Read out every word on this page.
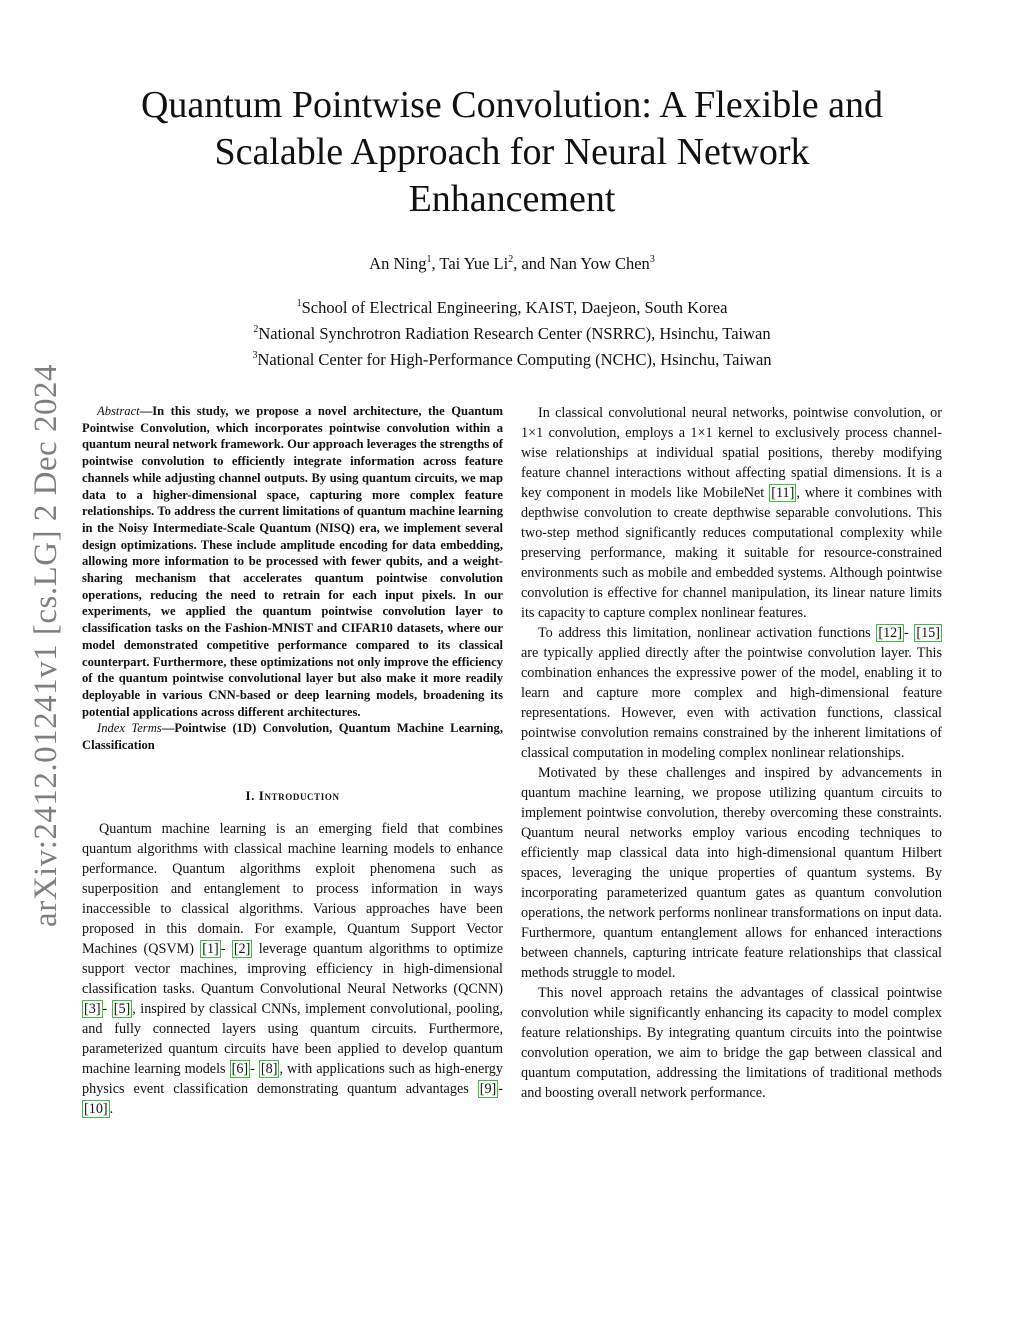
arXiv:2412.01241v1 [cs.LG] 2 Dec 2024
Quantum Pointwise Convolution: A Flexible and
Scalable Approach for Neural Network
Enhancement
An Ning$^1$, Tai Yue Li$^2$, and Nan Yow Chen$^3$
$^1$School of Electrical Engineering, KAIST, Daejeon, South Korea
$^2$National Synchrotron Radiation Research Center (NSRRC), Hsinchu, Taiwan
$^3$National Center for High-Performance Computing (NCHC), Hsinchu, Taiwan

Abstract—In this study, we propose a novel architecture, the Quantum Pointwise Convolution, which incorporates pointwise convolution within a quantum neural network framework. Our approach leverages the strengths of pointwise convolution to efficiently integrate information across feature channels while adjusting channel outputs. By using quantum circuits, we map data to a higher-dimensional space, capturing more complex feature relationships. To address the current limitations of quantum machine learning in the Noisy Intermediate-Scale Quantum (NISQ) era, we implement several design optimizations. These include amplitude encoding for data embedding, allowing more information to be processed with fewer qubits, and a weight-sharing mechanism that accelerates quantum pointwise convolution operations, reducing the need to retrain for each input pixels. In our experiments, we applied the quantum pointwise convolution layer to classification tasks on the Fashion-MNIST and CIFAR10 datasets, where our model demonstrated competitive performance compared to its classical counterpart. Furthermore, these optimizations not only improve the efficiency of the quantum pointwise convolutional layer but also make it more readily deployable in various CNN-based or deep learning models, broadening its potential applications across different architectures.

Index Terms—Pointwise (1D) Convolution, Quantum Machine Learning, Classification

I. Introduction

Quantum machine learning is an emerging field that combines quantum algorithms with classical machine learning models to enhance performance. Quantum algorithms exploit phenomena such as superposition and entanglement to process information in ways inaccessible to classical algorithms. Various approaches have been proposed in this domain. For example, Quantum Support Vector Machines (QSVM) [1] - [2] leverage quantum algorithms to optimize support vector machines, improving efficiency in high-dimensional classification tasks. Quantum Convolutional Neural Networks (QCNN) [3] - [5] , inspired by classical CNNs, implement convolutional, pooling, and fully connected layers using quantum circuits. Furthermore, parameterized quantum circuits have been applied to develop quantum machine learning models [6] - [8] , with applications such as high-energy physics event classification demonstrating quantum advantages [9] - [10] .

In classical convolutional neural networks, pointwise convolution, or 1×1 convolution, employs a 1×1 kernel to exclusively process channel-wise relationships at individual spatial positions, thereby modifying feature channel interactions without affecting spatial dimensions. It is a key component in models like MobileNet [11] , where it combines with depthwise convolution to create depthwise separable convolutions. This two-step method significantly reduces computational complexity while preserving performance, making it suitable for resource-constrained environments such as mobile and embedded systems. Although pointwise convolution is effective for channel manipulation, its linear nature limits its capacity to capture complex nonlinear features.

To address this limitation, nonlinear activation functions [12] - [15] are typically applied directly after the pointwise convolution layer. This combination enhances the expressive power of the model, enabling it to learn and capture more complex and high-dimensional feature representations. However, even with activation functions, classical pointwise convolution remains constrained by the inherent limitations of classical computation in modeling complex nonlinear relationships.

Motivated by these challenges and inspired by advancements in quantum machine learning, we propose utilizing quantum circuits to implement pointwise convolution, thereby overcoming these constraints. Quantum neural networks employ various encoding techniques to efficiently map classical data into high-dimensional quantum Hilbert spaces, leveraging the unique properties of quantum systems. By incorporating parameterized quantum gates as quantum convolution operations, the network performs nonlinear transformations on input data. Furthermore, quantum entanglement allows for enhanced interactions between channels, capturing intricate feature relationships that classical methods struggle to model.

This novel approach retains the advantages of classical pointwise convolution while significantly enhancing its capacity to model complex feature relationships. By integrating quantum circuits into the pointwise convolution operation, we aim to bridge the gap between classical and quantum computation, addressing the limitations of traditional methods and boosting overall network performance.
